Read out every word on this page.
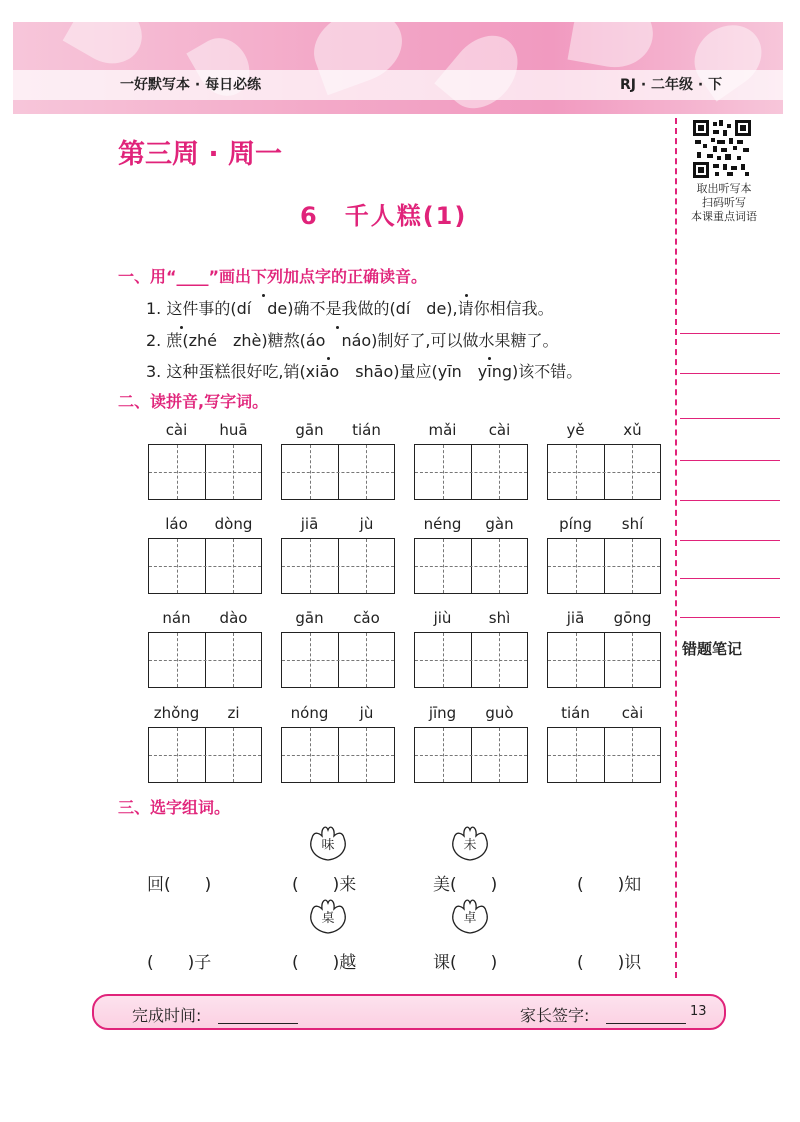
一好默写本 · 每日必练	RJ · 二年级 · 下
第三周 · 周一
6　千人糕(1)
取出听写本
扫码听写
本课重点词语
错题笔记
一、用“____”画出下列加点字的正确读音。
1. 这件事的(dí　de)确不是我做的(dí　de),请你相信我。
2. 蔗(zhé　zhè)糖熬(áo　náo)制好了,可以做水果糖了。
3. 这种蛋糕很好吃,销(xiāo　shāo)量应(yīn　yīng)该不错。
二、读拼音,写字词。
cài	huā	gān	tián	mǎi	cài	yě	xǔ
láo	dòng	jiā	jù	néng	gàn	píng	shí
nán	dào	gān	cǎo	jiù	shì	jiā	gōng
zhǒng	zi	nóng	jù	jīng	guò	tián	cài
三、选字组词。
味	未
回(　　)	(　　)来	美(　　)	(　　)知
桌	卓
(　　)子	(　　)越	课(　　)	(　　)识
完成时间:	家长签字:	13
